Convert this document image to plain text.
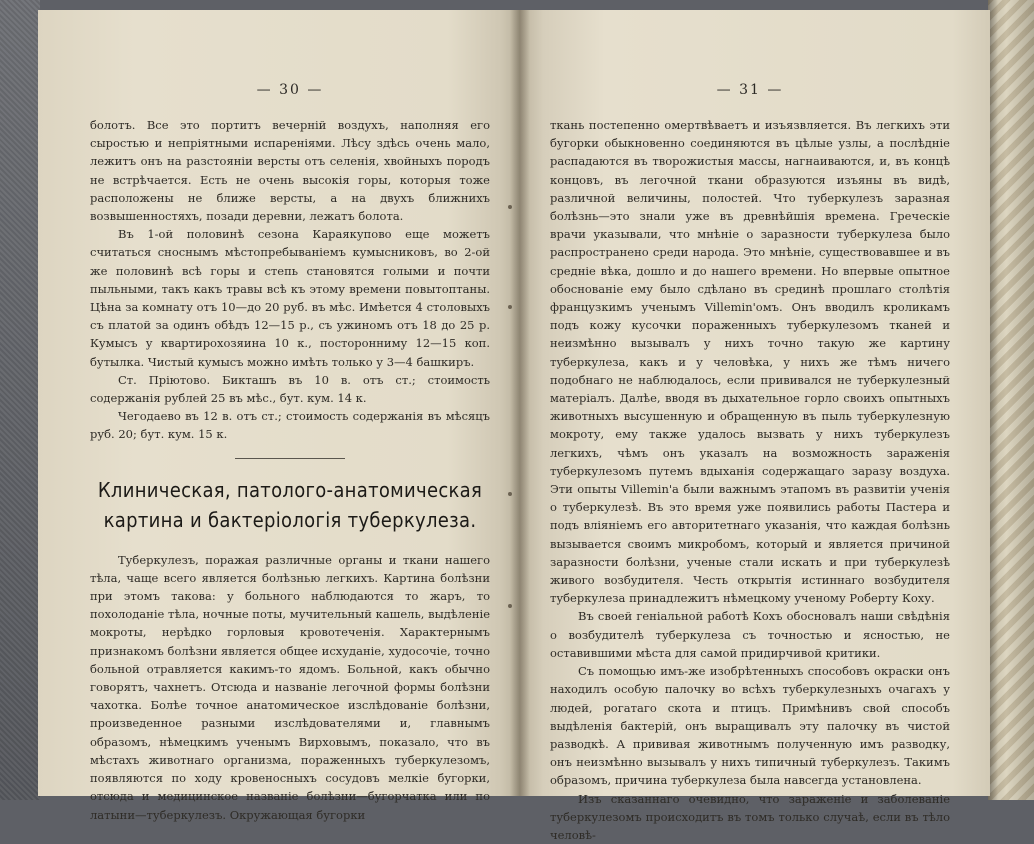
— 30 —

болотъ. Все это портитъ вечерній воздухъ, наполняя его сыростью и непріятными испареніями. Лѣсу здѣсь очень мало, лежитъ онъ на разстояніи версты отъ селенія, хвойныхъ породъ не встрѣчается. Есть не очень высокія горы, которыя тоже расположены не ближе версты, а на двухъ ближнихъ возвышенностяхъ, позади деревни, лежатъ болота.

Въ 1-ой половинѣ сезона Караякупово еще можетъ считаться сноснымъ мѣстопребываніемъ кумысниковъ, во 2-ой же половинѣ всѣ горы и степь становятся голыми и почти пыльными, такъ какъ травы всѣ къ этому времени повытоптаны. Цѣна за комнату отъ 10—до 20 руб. въ мѣс. Имѣется 4 столовыхъ съ платой за одинъ обѣдъ 12—15 р., съ ужиномъ отъ 18 до 25 р. Кумысъ у квартирохозяина 10 к., посторонниму 12—15 коп. бутылка. Чистый кумысъ можно имѣть только у 3—4 башкиръ.

Ст. Пріютово. Бикташъ въ 10 в. отъ ст.; стоимость содержанія рублей 25 въ мѣс., бут. кум. 14 к.

Чегодаево въ 12 в. отъ ст.; стоимость содержанія въ мѣсяцъ руб. 20; бут. кум. 15 к.

Клиническая, патолого-анатомическая картина и бактеріологія туберкулеза.

Туберкулезъ, поражая различные органы и ткани нашего тѣла, чаще всего является болѣзнью легкихъ. Картина болѣзни при этомъ такова: у больного наблюдаются то жаръ, то похолоданіе тѣла, ночные поты, мучительный кашель, выдѣленіе мокроты, нерѣдко горловыя кровотеченія. Характернымъ признакомъ болѣзни является общее исхуданіе, худосочіе, точно больной отравляется какимъ-то ядомъ. Больной, какъ обычно говорятъ, чахнетъ. Отсюда и названіе легочной формы болѣзни чахотка. Болѣе точное анатомическое изслѣдованіе болѣзни, произведенное разными изслѣдователями и, главнымъ образомъ, нѣмецкимъ ученымъ Вирховымъ, показало, что въ мѣстахъ животнаго организма, пораженныхъ туберкулезомъ, появляются по ходу кровеносныхъ сосудовъ мелкіе бугорки, отсюда и медицинское названіе болѣзни—бугорчатка или по латыни—туберкулезъ. Окружающая бугорки

— 31 —

ткань постепенно омертвѣваетъ и изъязвляется. Въ легкихъ эти бугорки обыкновенно соединяются въ цѣлые узлы, а послѣдніе распадаются въ творожистыя массы, нагнаиваются, и, въ концѣ концовъ, въ легочной ткани образуются изъяны въ видѣ, различной величины, полостей. Что туберкулезъ заразная болѣзнь—это знали уже въ древнѣйшія времена. Греческіе врачи указывали, что мнѣніе о заразности туберкулеза было распространено среди народа. Это мнѣніе, существовавшее и въ средніе вѣка, дошло и до нашего времени. Но впервые опытное обоснованіе ему было сдѣлано въ срединѣ прошлаго столѣтія французкимъ ученымъ Villemin'омъ. Онъ вводилъ кроликамъ подъ кожу кусочки пораженныхъ туберкулезомъ тканей и неизмѣнно вызывалъ у нихъ точно такую же картину туберкулеза, какъ и у человѣка, у нихъ же тѣмъ ничего подобнаго не наблюдалось, если прививался не туберкулезный матеріалъ. Далѣе, вводя въ дыхательное горло своихъ опытныхъ животныхъ высушенную и обращенную въ пыль туберкулезную мокроту, ему также удалось вызвать у нихъ туберкулезъ легкихъ, чѣмъ онъ указалъ на возможность зараженія туберкулезомъ путемъ вдыханія содержащаго заразу воздуха. Эти опыты Villemin'а были важнымъ этапомъ въ развитіи ученія о туберкулезѣ. Въ это время уже появились работы Пастера и подъ вліяніемъ его авторитетнаго указанія, что каждая болѣзнь вызывается своимъ микробомъ, который и является причиной заразности болѣзни, ученые стали искать и при туберкулезѣ живого возбудителя. Честь открытія истиннаго возбудителя туберкулеза принадлежитъ нѣмецкому ученому Роберту Коху.

Въ своей геніальной работѣ Кохъ обосновалъ наши свѣдѣнія о возбудителѣ туберкулеза съ точностью и ясностью, не оставившими мѣста для самой придирчивой критики.

Съ помощью имъ-же изобрѣтенныхъ способовъ окраски онъ находилъ особую палочку во всѣхъ туберкулезныхъ очагахъ у людей, рогатаго скота и птицъ. Примѣнивъ свой способъ выдѣленія бактерій, онъ выращивалъ эту палочку въ чистой разводкѣ. А прививая животнымъ полученную имъ разводку, онъ неизмѣнно вызывалъ у нихъ типичный туберкулезъ. Такимъ образомъ, причина туберкулеза была навсегда установлена.

Изъ сказаннаго очевидно, что зараженіе и заболеваніе туберкулезомъ происходитъ въ томъ только случаѣ, если въ тѣло человѣ-
